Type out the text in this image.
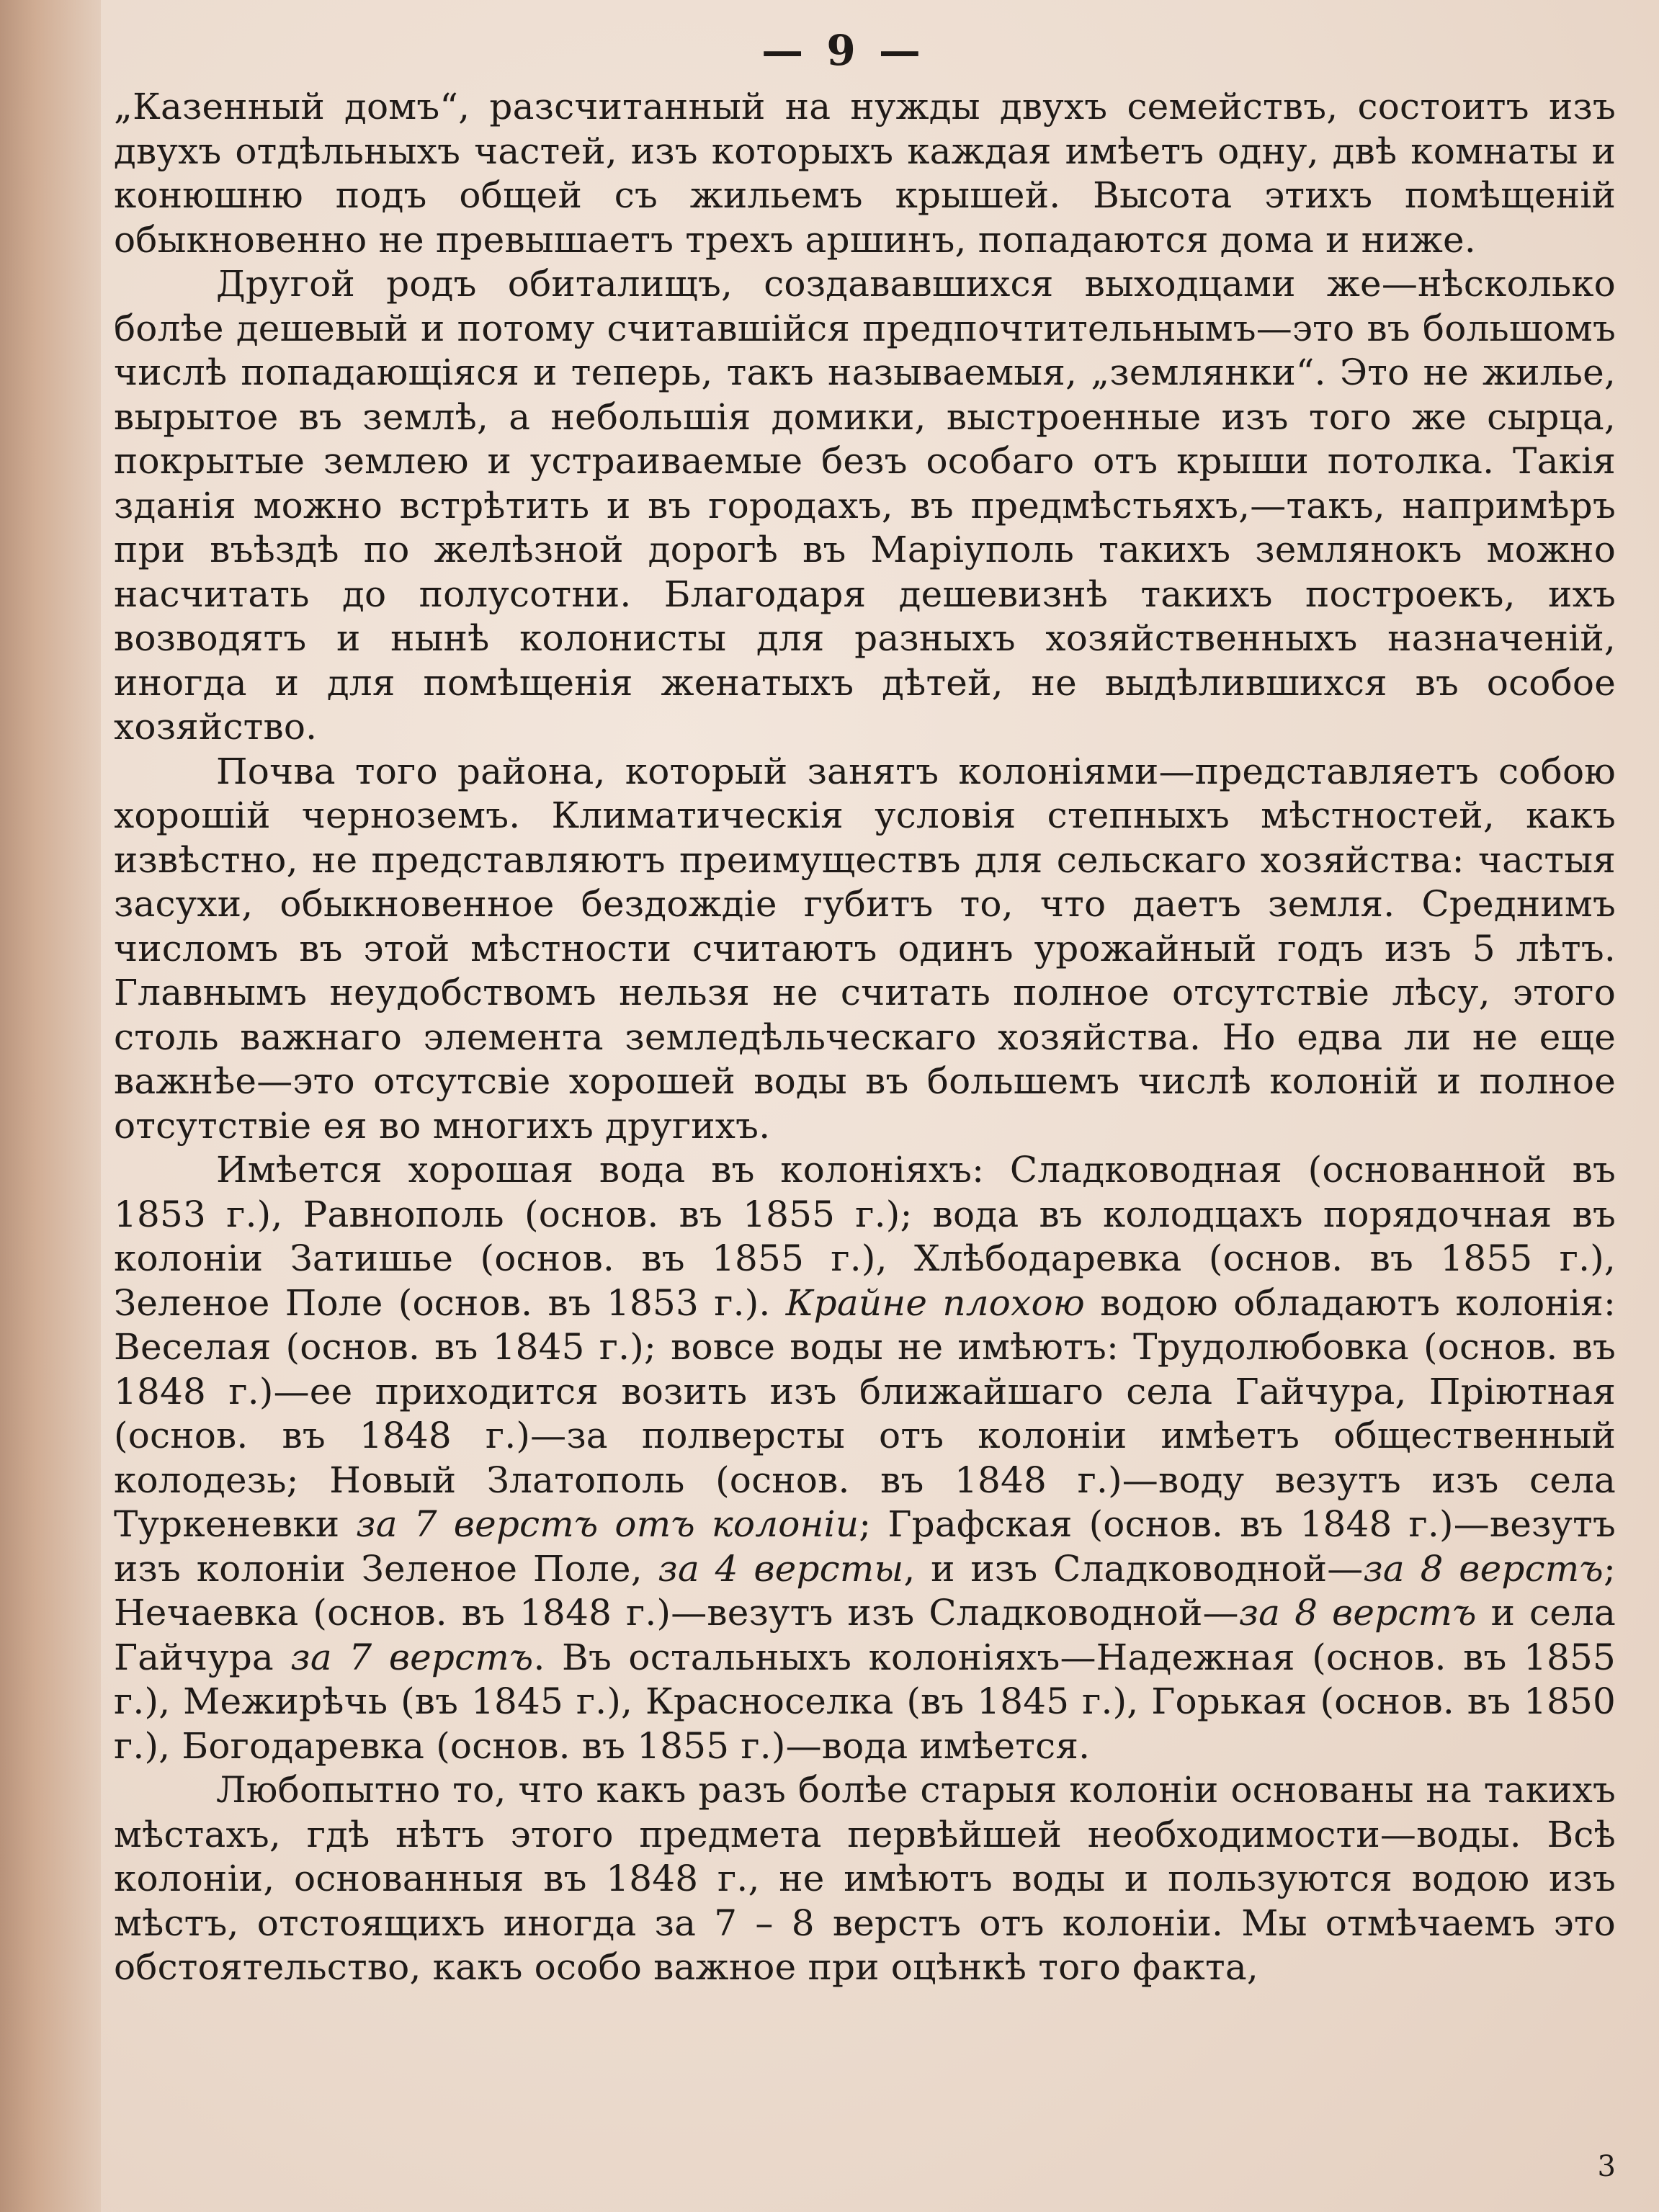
— 9 —

„Казенный домъ“, разсчитанный на нужды двухъ семействъ, состоитъ изъ двухъ отдѣльныхъ частей, изъ которыхъ каждая имѣетъ одну, двѣ комнаты и конюшню подъ общей съ жильемъ крышей. Высота этихъ помѣщеній обыкновенно не превышаетъ трехъ аршинъ, попадаются дома и ниже.

Другой родъ обиталищъ, создававшихся выходцами же—нѣсколько болѣе дешевый и потому считавшійся предпочтительнымъ—это въ большомъ числѣ попадающіяся и теперь, такъ называемыя, „землянки“. Это не жилье, вырытое въ землѣ, а небольшія домики, выстроенные изъ того же сырца, покрытые землею и устраиваемые безъ особаго отъ крыши потолка. Такія зданія можно встрѣтить и въ городахъ, въ предмѣстьяхъ,—такъ, напримѣръ при въѣздѣ по желѣзной дорогѣ въ Маріуполь такихъ землянокъ можно насчитать до полусотни. Благодаря дешевизнѣ такихъ построекъ, ихъ возводятъ и нынѣ колонисты для разныхъ хозяйственныхъ назначеній, иногда и для помѣщенія женатыхъ дѣтей, не выдѣлившихся въ особое хозяйство.

Почва того района, который занятъ колоніями—представляетъ собою хорошій черноземъ. Климатическія условія степныхъ мѣстностей, какъ извѣстно, не представляютъ преимуществъ для сельскаго хозяйства: частыя засухи, обыкновенное бездождіе губитъ то, что даетъ земля. Среднимъ числомъ въ этой мѣстности считаютъ одинъ урожайный годъ изъ 5 лѣтъ. Главнымъ неудобствомъ нельзя не считать полное отсутствіе лѣсу, этого столь важнаго элемента земледѣльческаго хозяйства. Но едва ли не еще важнѣе—это отсутсвіе хорошей воды въ большемъ числѣ колоній и полное отсутствіе ея во многихъ другихъ.

Имѣется хорошая вода въ колоніяхъ: Сладководная (основанной въ 1853 г.), Равнополь (основ. въ 1855 г.); вода въ колодцахъ порядочная въ колоніи Затишье (основ. въ 1855 г.), Хлѣбодаревка (основ. въ 1855 г.), Зеленое Поле (основ. въ 1853 г.). Крайне плохою водою обладаютъ колонія: Веселая (основ. въ 1845 г.); вовсе воды не имѣютъ: Трудолюбовка (основ. въ 1848 г.)—ее приходится возить изъ ближайшаго села Гайчура, Пріютная (основ. въ 1848 г.)—за полверсты отъ колоніи имѣетъ общественный колодезь; Новый Златополь (основ. въ 1848 г.)—воду везутъ изъ села Туркеневки за 7 верстъ отъ колоніи; Графская (основ. въ 1848 г.)—везутъ изъ колоніи Зеленое Поле, за 4 версты, и изъ Сладководной—за 8 верстъ; Нечаевка (основ. въ 1848 г.)—везутъ изъ Сладководной—за 8 верстъ и села Гайчура за 7 верстъ. Въ остальныхъ колоніяхъ—Надежная (основ. въ 1855 г.), Межирѣчь (въ 1845 г.), Красноселка (въ 1845 г.), Горькая (основ. въ 1850 г.), Богодаревка (основ. въ 1855 г.)—вода имѣется.

Любопытно то, что какъ разъ болѣе старыя колоніи основаны на такихъ мѣстахъ, гдѣ нѣтъ этого предмета первѣйшей необходимости—воды. Всѣ колоніи, основанныя въ 1848 г., не имѣютъ воды и пользуются водою изъ мѣстъ, отстоящихъ иногда за 7 – 8 верстъ отъ колоніи. Мы отмѣчаемъ это обстоятельство, какъ особо важное при оцѣнкѣ того факта,

3
